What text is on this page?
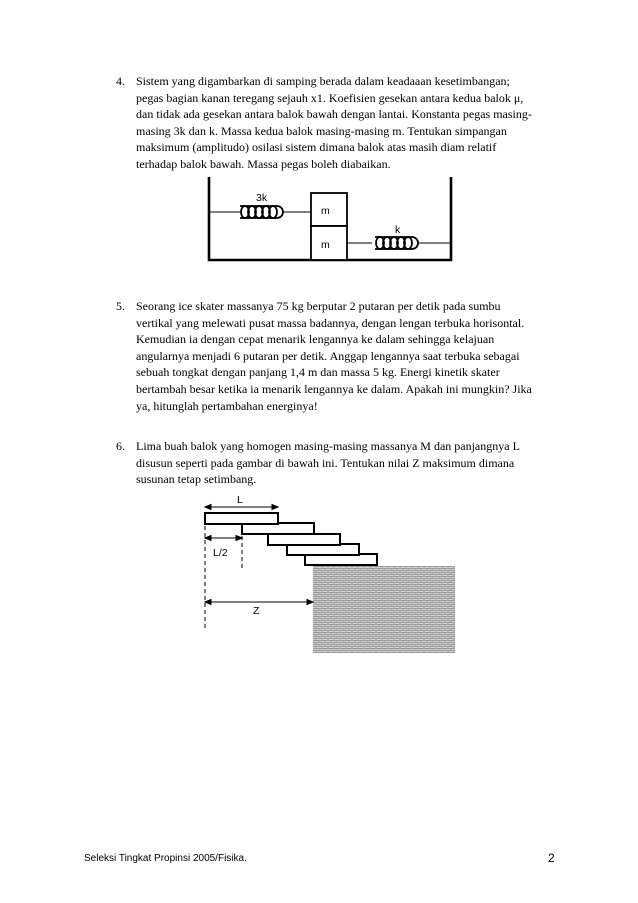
4. Sistem yang digambarkan di samping berada dalam keadaaan kesetimbangan;
pegas bagian kanan teregang sejauh x1. Koefisien gesekan antara kedua balok μ,
dan tidak ada gesekan antara balok bawah dengan lantai. Konstanta pegas masing-
masing 3k dan k. Massa kedua balok masing-masing m. Tentukan simpangan
maksimum (amplitudo) osilasi sistem dimana balok atas masih diam relatif
terhadap balok bawah. Massa pegas boleh diabaikan.
3k
k
m
m
5. Seorang ice skater massanya 75 kg berputar 2 putaran per detik pada sumbu
vertikal yang melewati pusat massa badannya, dengan lengan terbuka horisontal.
Kemudian ia dengan cepat menarik lengannya ke dalam sehingga kelajuan
angularnya menjadi 6 putaran per detik. Anggap lengannya saat terbuka sebagai
sebuah tongkat dengan panjang 1,4 m dan massa 5 kg. Energi kinetik skater
bertambah besar ketika ia menarik lengannya ke dalam. Apakah ini mungkin? Jika
ya, hitunglah pertambahan energinya!
6. Lima buah balok yang homogen masing-masing massanya M dan panjangnya L
disusun seperti pada gambar di bawah ini. Tentukan nilai Z maksimum dimana
susunan tetap setimbang.
L
L/2
Z
Seleksi Tingkat Propinsi 2005/Fisika.	2
